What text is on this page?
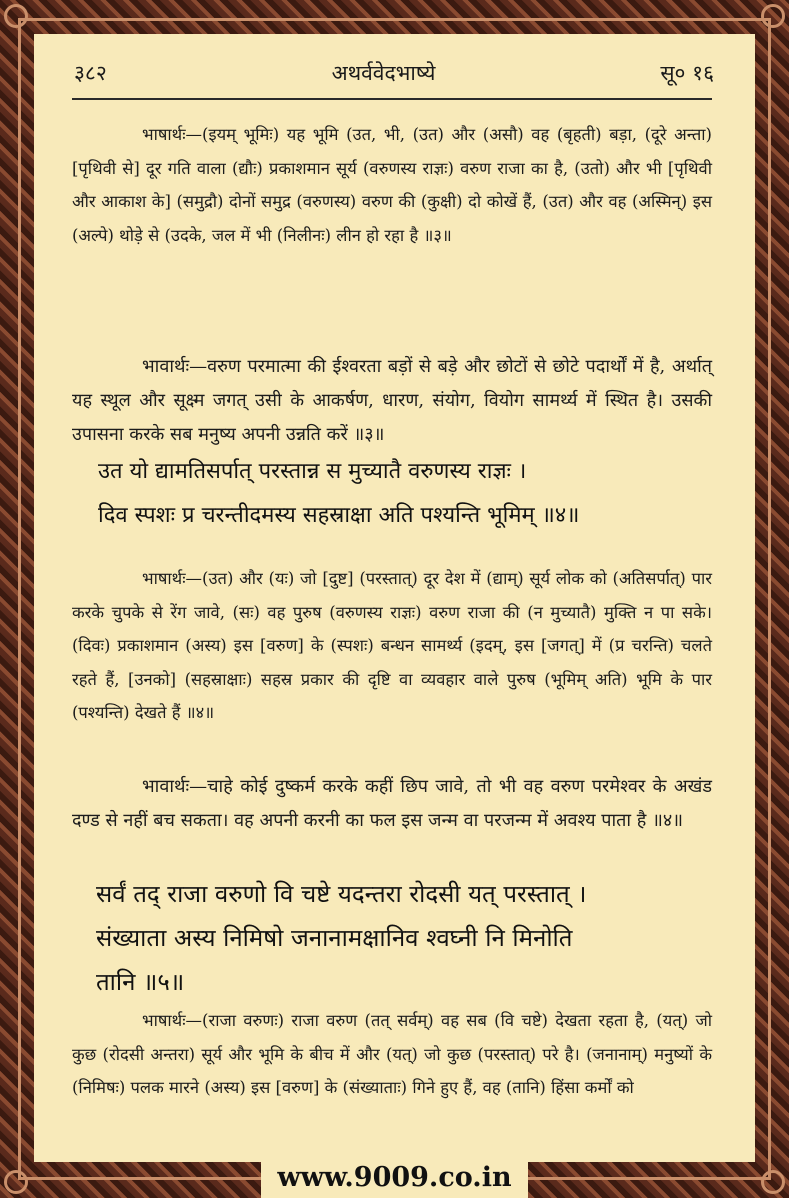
३८२	अथर्ववेदभाष्ये	सू० १६

भाषार्थः—(इयम् भूमिः) यह भूमि (उत, भी, (उत) और (असौ) वह (बृहती) बड़ा, (दूरे अन्ता) [पृथिवी से] दूर गति वाला (द्यौः) प्रकाशमान सूर्य (वरुणस्य राज्ञः) वरुण राजा का है, (उतो) और भी [पृथिवी और आकाश के] (समुद्रौ) दोनों समुद्र (वरुणस्य) वरुण की (कुक्षी) दो कोखें हैं, (उत) और वह (अस्मिन्) इस (अल्पे) थोड़े से (उदके, जल में भी (निलीनः) लीन हो रहा है ॥३॥

भावार्थः—वरुण परमात्मा की ईश्वरता बड़ों से बड़े और छोटों से छोटे पदार्थों में है, अर्थात् यह स्थूल और सूक्ष्म जगत् उसी के आकर्षण, धारण, संयोग, वियोग सामर्थ्य में स्थित है। उसकी उपासना करके सब मनुष्य अपनी उन्नति करें ॥३॥

उत यो द्यामतिसर्पात् परस्तान्न स मुच्यातै वरुणस्य राज्ञः ।
दिव स्पशः प्र चरन्तीदमस्य सहस्राक्षा अति पश्यन्ति भूमिम् ॥४॥

भाषार्थः—(उत) और (यः) जो [दुष्ट] (परस्तात्) दूर देश में (द्याम्) सूर्य लोक को (अतिसर्पात्) पार करके चुपके से रेंग जावे, (सः) वह पुरुष (वरुणस्य राज्ञः) वरुण राजा की (न मुच्यातै) मुक्ति न पा सके। (दिवः) प्रकाशमान (अस्य) इस [वरुण] के (स्पशः) बन्धन सामर्थ्य (इदम्, इस [जगत्] में (प्र चरन्ति) चलते रहते हैं, [उनको] (सहस्राक्षाः) सहस्र प्रकार की दृष्टि वा व्यवहार वाले पुरुष (भूमिम् अति) भूमि के पार (पश्यन्ति) देखते हैं ॥४॥

भावार्थः—चाहे कोई दुष्कर्म करके कहीं छिप जावे, तो भी वह वरुण परमेश्वर के अखंड दण्ड से नहीं बच सकता। वह अपनी करनी का फल इस जन्म वा परजन्म में अवश्य पाता है ॥४॥

सर्वं तद् राजा वरुणो वि चष्टे यदन्तरा रोदसी यत् परस्तात् ।
संख्याता अस्य निमिषो जनानामक्षानिव श्वघ्नी नि मिनोति
तानि ॥५॥

भाषार्थः—(राजा वरुणः) राजा वरुण (तत् सर्वम्) वह सब (वि चष्टे) देखता रहता है, (यत्) जो कुछ (रोदसी अन्तरा) सूर्य और भूमि के बीच में और (यत्) जो कुछ (परस्तात्) परे है। (जनानाम्) मनुष्यों के (निमिषः) पलक मारने (अस्य) इस [वरुण] के (संख्याताः) गिने हुए हैं, वह (तानि) हिंसा कर्मों को

www.9009.co.in
